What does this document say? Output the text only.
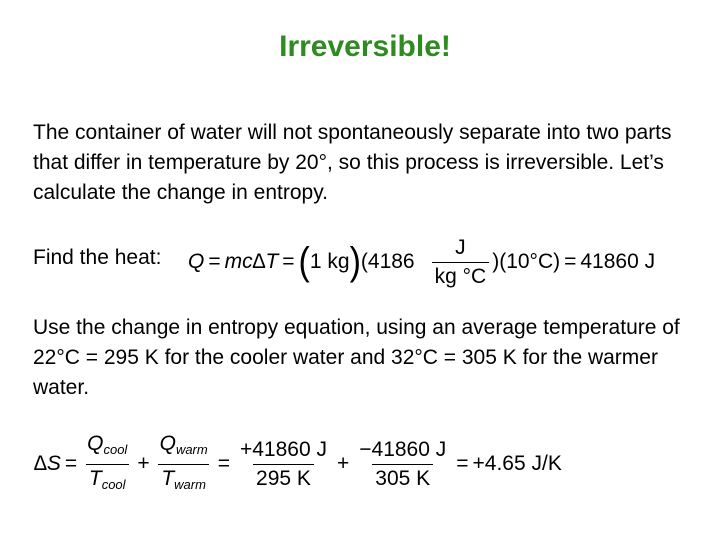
Irreversible!
The container of water will not spontaneously separate into two parts that differ in temperature by 20°, so this process is irreversible. Let’s calculate the change in entropy.
Find the heat: Q = mc∆T = ( 1 kg ) $(4186 \frac{J}{kg ^\circ C} )(10^\circ C) = 41860$ J
Use the change in entropy equation, using an average temperature of 22°C = 295 K for the cooler water and 32°C = 305 K for the warmer water.
$\Delta S = \frac{Q_{cool}}{T_{cool}} + \frac{Q_{warm}}{T_{warm}} = \frac{+41860 J}{295 K} + \frac{-41860 J}{305 K} = +4.65$ J/K
